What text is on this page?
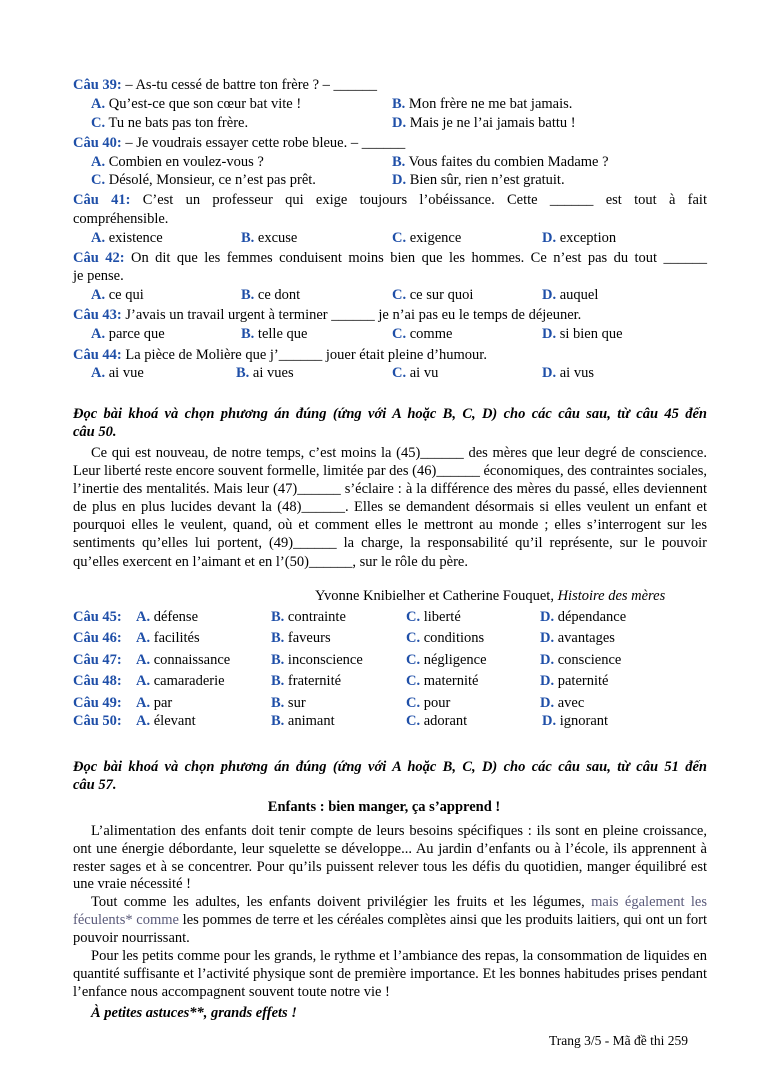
Câu 39: – As-tu cessé de battre ton frère ? – ______
A. Qu’est-ce que son cœur bat vite !	B. Mon frère ne me bat jamais.
C. Tu ne bats pas ton frère.	D. Mais je ne l’ai jamais battu !
Câu 40: – Je voudrais essayer cette robe bleue. – ______
A. Combien en voulez-vous ?	B. Vous faites du combien Madame ?
C. Désolé, Monsieur, ce n’est pas prêt.	D. Bien sûr, rien n’est gratuit.
Câu 41: C’est un professeur qui exige toujours l’obéissance. Cette ______ est tout à fait
compréhensible.
A. existence	B. excuse	C. exigence	D. exception
Câu 42: On dit que les femmes conduisent moins bien que les hommes. Ce n’est pas du tout ______
je pense.
A. ce qui	B. ce dont	C. ce sur quoi	D. auquel
Câu 43: J’avais un travail urgent à terminer ______ je n’ai pas eu le temps de déjeuner.
A. parce que	B. telle que	C. comme	D. si bien que
Câu 44: La pièce de Molière que j’______ jouer était pleine d’humour.
A. ai vue	B. ai vues	C. ai vu	D. ai vus
Đọc bài khoá và chọn phương án đúng (ứng với A hoặc B, C, D) cho các câu sau, từ câu 45 đến
câu 50.
Ce qui est nouveau, de notre temps, c’est moins la (45)______ des mères que leur degré de conscience. Leur liberté reste encore souvent formelle, limitée par des (46)______ économiques, des contraintes sociales, l’inertie des mentalités. Mais leur (47)______ s’éclaire : à la différence des mères du passé, elles deviennent de plus en plus lucides devant la (48)______. Elles se demandent désormais si elles veulent un enfant et pourquoi elles le veulent, quand, où et comment elles le mettront au monde ; elles s’interrogent sur les sentiments qu’elles lui portent, (49)______ la charge, la responsabilité qu’il représente, sur le pouvoir qu’elles exercent en l’aimant et en l’(50)______, sur le rôle du père.
Yvonne Knibielher et Catherine Fouquet, Histoire des mères
Câu 45: A. défense	B. contrainte	C. liberté	D. dépendance
Câu 46: A. facilités	B. faveurs	C. conditions	D. avantages
Câu 47: A. connaissance	B. inconscience	C. négligence	D. conscience
Câu 48: A. camaraderie	B. fraternité	C. maternité	D. paternité
Câu 49: A. par	B. sur	C. pour	D. avec
Câu 50: A. élevant	B. animant	C. adorant	D. ignorant
Đọc bài khoá và chọn phương án đúng (ứng với A hoặc B, C, D) cho các câu sau, từ câu 51 đến
câu 57.
Enfants : bien manger, ça s’apprend !
L’alimentation des enfants doit tenir compte de leurs besoins spécifiques : ils sont en pleine croissance, ont une énergie débordante, leur squelette se développe... Au jardin d’enfants ou à l’école, ils apprennent à rester sages et à se concentrer. Pour qu’ils puissent relever tous les défis du quotidien, manger équilibré est une vraie nécessité !
Tout comme les adultes, les enfants doivent privilégier les fruits et les légumes, mais également les féculents* comme les pommes de terre et les céréales complètes ainsi que les produits laitiers, qui ont un fort pouvoir nourrissant.
Pour les petits comme pour les grands, le rythme et l’ambiance des repas, la consommation de liquides en quantité suffisante et l’activité physique sont de première importance. Et les bonnes habitudes prises pendant l’enfance nous accompagnent souvent toute notre vie !
À petites astuces**, grands effets !
Trang 3/5 - Mã đề thi 259
